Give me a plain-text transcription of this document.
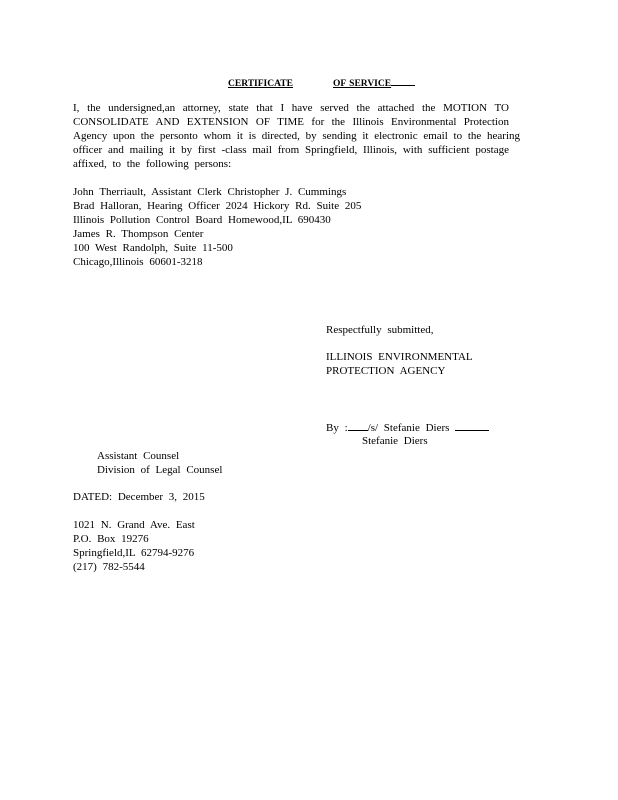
CERTIFICATE	OF SERVICE
I, the undersigned,an attorney, state that I have served the attached the MOTION TO
CONSOLIDATE AND EXTENSION OF TIME for the Illinois Environmental Protection
Agency upon the personto whom it is directed, by sending it electronic email to the hearing
officer and mailing it by first -class mail from Springfield, Illinois, with sufficient postage
affixed, to the following persons:
John Therriault, Assistant Clerk Christopher J. Cummings
Brad Halloran, Hearing Officer 2024 Hickory Rd. Suite 205
Illinois Pollution Control Board Homewood,IL 690430
James R. Thompson Center
100 West Randolph, Suite 11-500
Chicago,Illinois 60601-3218
Respectfully submitted,
ILLINOIS ENVIRONMENTAL
PROTECTION AGENCY
By : /s/ Stefanie Diers
Stefanie Diers
Assistant Counsel
Division of Legal Counsel
DATED: December 3, 2015
1021 N. Grand Ave. East
P.O. Box 19276
Springfield,IL 62794-9276
(217) 782-5544
